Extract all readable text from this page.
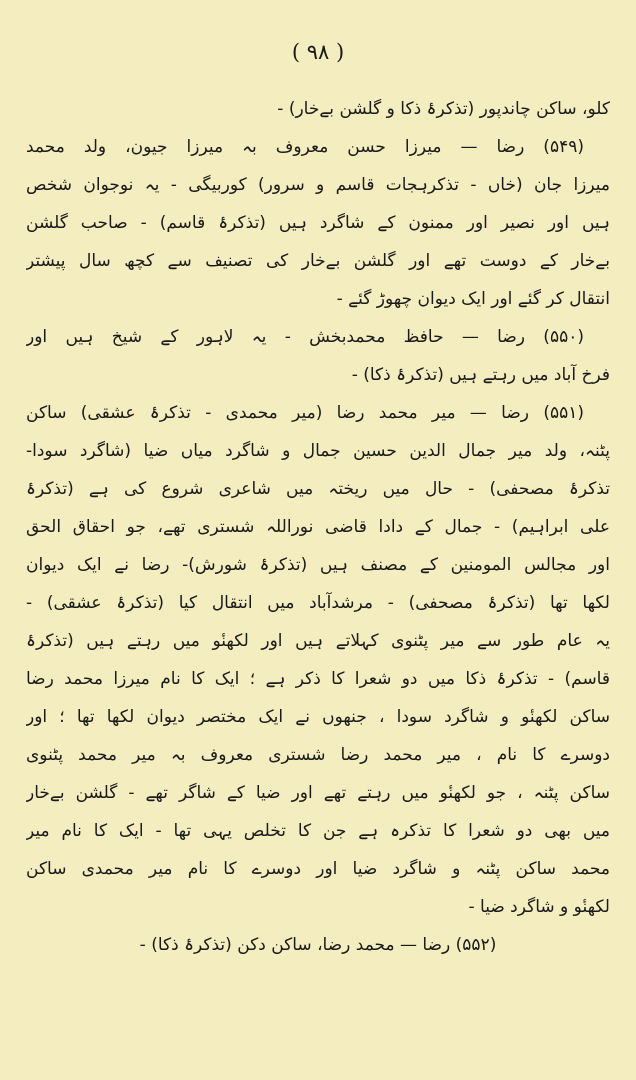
( ۹۸ )
کلو، ساکن چاندپور (تذکرۂ ذکا و گلشن بےخار) -
(۵۴۹) رضا — میرزا حسن معروف بہ میرزا جیون، ولد محمد
میرزا جان (خاں - تذکرہجات قاسم و سرور) کوربیگی - یہ نوجوان شخص
ہیں اور نصیر اور ممنون کے شاگرد ہیں (تذکرۂ قاسم) - صاحب گلشن
بےخار کے دوست تھے اور گلشن بےخار کی تصنیف سے کچھ سال پیشتر
انتقال کر گئے اور ایک دیوان چھوڑ گئے -
(۵۵۰) رضا — حافظ محمدبخش - یہ لاہور کے شیخ ہیں اور
فرخ آباد میں رہتے ہیں (تذکرۂ ذکا) -
(۵۵۱) رضا — میر محمد رضا (میر محمدی - تذکرۂ عشقی) ساکن
پٹنہ، ولد میر جمال الدین حسین جمال و شاگرد میاں ضیا (شاگرد سودا-
تذکرۂ مصحفی) - حال میں ریختہ میں شاعری شروع کی ہے (تذکرۂ
علی ابراہیم) - جمال کے دادا قاضی نوراللہ شستری تھے، جو احقاق الحق
اور مجالس المومنین کے مصنف ہیں (تذکرۂ شورش)- رضا نے ایک دیوان
لکھا تھا (تذکرۂ مصحفی) - مرشدآباد میں انتقال کیا (تذکرۂ عشقی) -
یہ عام طور سے میر پٹنوی کہلاتے ہیں اور لکھنٔو میں رہتے ہیں (تذکرۂ
قاسم) - تذکرۂ ذکا میں دو شعرا کا ذکر ہے ؛ ایک کا نام میرزا محمد رضا
ساکن لکھنٔو و شاگرد سودا ، جنھوں نے ایک مختصر دیوان لکھا تھا ؛ اور
دوسرے کا نام ، میر محمد رضا شستری معروف بہ میر محمد پٹنوی
ساکن پٹنہ ، جو لکھنٔو میں رہتے تھے اور ضیا کے شاگر تھے - گلشن بےخار
میں بھی دو شعرا کا تذکرہ ہے جن کا تخلص یہی تھا - ایک کا نام میر
محمد ساکن پٹنہ و شاگرد ضیا اور دوسرے کا نام میر محمدی ساکن
لکھنٔو و شاگرد ضیا -
(۵۵۲) رضا — محمد رضا، ساکن دکن (تذکرۂ ذکا) -
